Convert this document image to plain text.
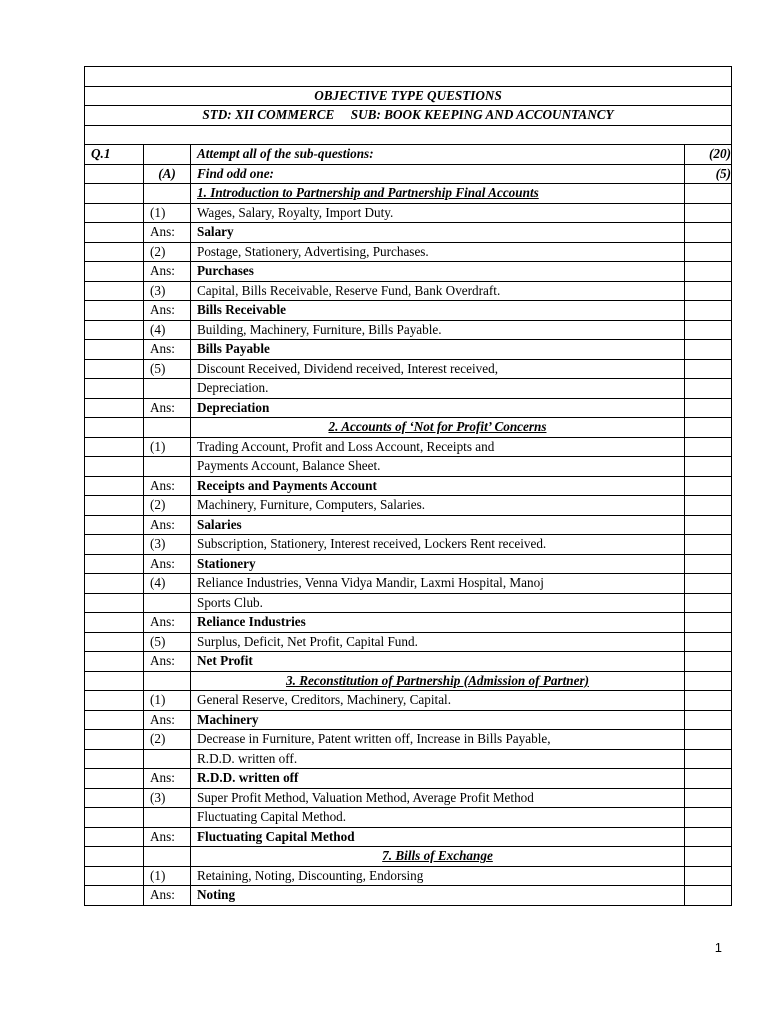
OBJECTIVE TYPE QUESTIONS			
STD: XII COMMERCE     SUB: BOOK KEEPING AND ACCOUNTANCY			

Q.1		Attempt all of the sub-questions:	(20)
	(A)	Find odd one:	(5)
		1. Introduction to Partnership and Partnership Final Accounts	
	(1)	Wages, Salary, Royalty, Import Duty.	
	Ans:	Salary	
	(2)	Postage, Stationery, Advertising, Purchases.	
	Ans:	Purchases	
	(3)	Capital, Bills Receivable, Reserve Fund, Bank Overdraft.	
	Ans:	Bills Receivable	
	(4)	Building, Machinery, Furniture, Bills Payable.	
	Ans:	Bills Payable	
	(5)	Discount Received, Dividend received, Interest received,	
		Depreciation.	
	Ans:	Depreciation	
		2. Accounts of ‘Not for Profit’ Concerns	
	(1)	Trading Account, Profit and Loss Account, Receipts and	
		Payments Account, Balance Sheet.	
	Ans:	Receipts and Payments Account	
	(2)	Machinery, Furniture, Computers, Salaries.	
	Ans:	Salaries	
	(3)	Subscription, Stationery, Interest received, Lockers Rent received.	
	Ans:	Stationery	
	(4)	Reliance Industries, Venna Vidya Mandir, Laxmi Hospital, Manoj	
		Sports Club.	
	Ans:	Reliance Industries	
	(5)	Surplus, Deficit, Net Profit, Capital Fund.	
	Ans:	Net Profit	
		3. Reconstitution of Partnership (Admission of Partner)	
	(1)	General Reserve, Creditors, Machinery, Capital.	
	Ans:	Machinery	
	(2)	Decrease in Furniture, Patent written off, Increase in Bills Payable,	
		R.D.D. written off.	
	Ans:	R.D.D. written off	
	(3)	Super Profit Method, Valuation Method, Average Profit Method	
		Fluctuating Capital Method.	
	Ans:	Fluctuating Capital Method	
		7. Bills of Exchange	
	(1)	Retaining, Noting, Discounting, Endorsing	
	Ans:	Noting	
1
